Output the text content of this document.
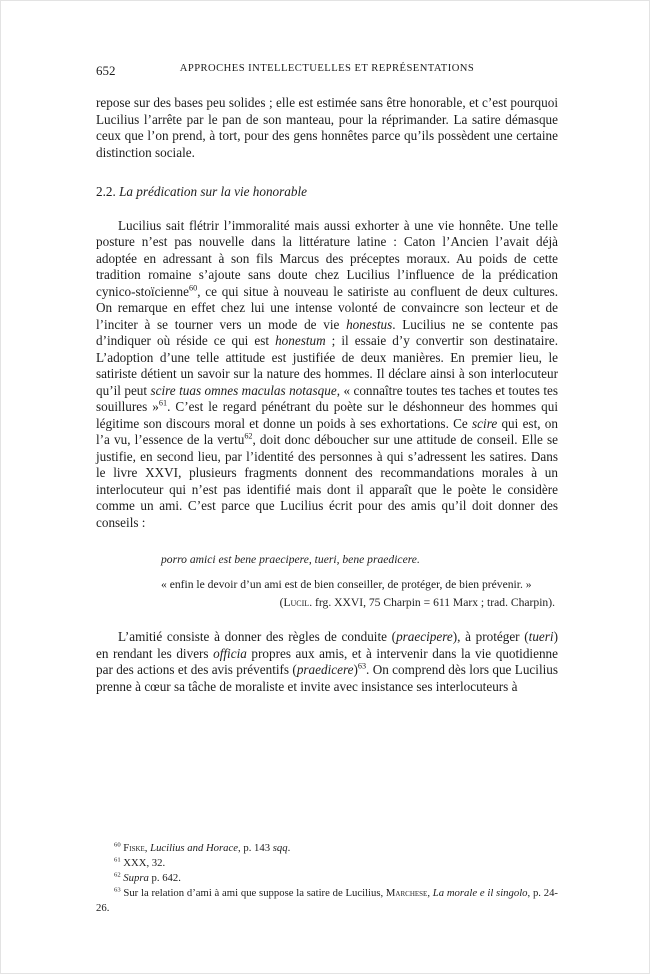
652	APPROCHES INTELLECTUELLES ET REPRÉSENTATIONS

repose sur des bases peu solides ; elle est estimée sans être honorable, et c’est pourquoi Lucilius l’arrête par le pan de son manteau, pour la réprimander. La satire démasque ceux que l’on prend, à tort, pour des gens honnêtes parce qu’ils possèdent une certaine distinction sociale.

2.2. La prédication sur la vie honorable

Lucilius sait flétrir l’immoralité mais aussi exhorter à une vie honnête. Une telle posture n’est pas nouvelle dans la littérature latine : Caton l’Ancien l’avait déjà adoptée en adressant à son fils Marcus des préceptes moraux. Au poids de cette tradition romaine s’ajoute sans doute chez Lucilius l’influence de la prédication cynico-stoïcienne$^{60}$, ce qui situe à nouveau le satiriste au confluent de deux cultures. On remarque en effet chez lui une intense volonté de convaincre son lecteur et de l’inciter à se tourner vers un mode de vie honestus. Lucilius ne se contente pas d’indiquer où réside ce qui est honestum ; il essaie d’y convertir son destinataire. L’adoption d’une telle attitude est justifiée de deux manières. En premier lieu, le satiriste détient un savoir sur la nature des hommes. Il déclare ainsi à son interlocuteur qu’il peut scire tuas omnes maculas notasque, « connaître toutes tes taches et toutes tes souillures »$^{61}$. C’est le regard pénétrant du poète sur le déshonneur des hommes qui légitime son discours moral et donne un poids à ses exhortations. Ce scire qui est, on l’a vu, l’essence de la vertu$^{62}$, doit donc déboucher sur une attitude de conseil. Elle se justifie, en second lieu, par l’identité des personnes à qui s’adressent les satires. Dans le livre XXVI, plusieurs fragments donnent des recommandations morales à un interlocuteur qui n’est pas identifié mais dont il apparaît que le poète le considère comme un ami. C’est parce que Lucilius écrit pour des amis qu’il doit donner des conseils :

porro amici est bene praecipere, tueri, bene praedicere.

« enfin le devoir d’un ami est de bien conseiller, de protéger, de bien prévenir. »

(Lucil. frg. XXVI, 75 Charpin = 611 Marx ; trad. Charpin).

L’amitié consiste à donner des règles de conduite (praecipere), à protéger (tueri) en rendant les divers officia propres aux amis, et à intervenir dans la vie quotidienne par des actions et des avis préventifs (praedicere)$^{63}$. On comprend dès lors que Lucilius prenne à cœur sa tâche de moraliste et invite avec insistance ses interlocuteurs à

$^{60}$ Fiske, Lucilius and Horace, p. 143 sqq.

$^{61}$ XXX, 32.

$^{62}$ Supra p. 642.

$^{63}$ Sur la relation d’ami à ami que suppose la satire de Lucilius, Marchese, La morale e il singolo, p. 24-26.
